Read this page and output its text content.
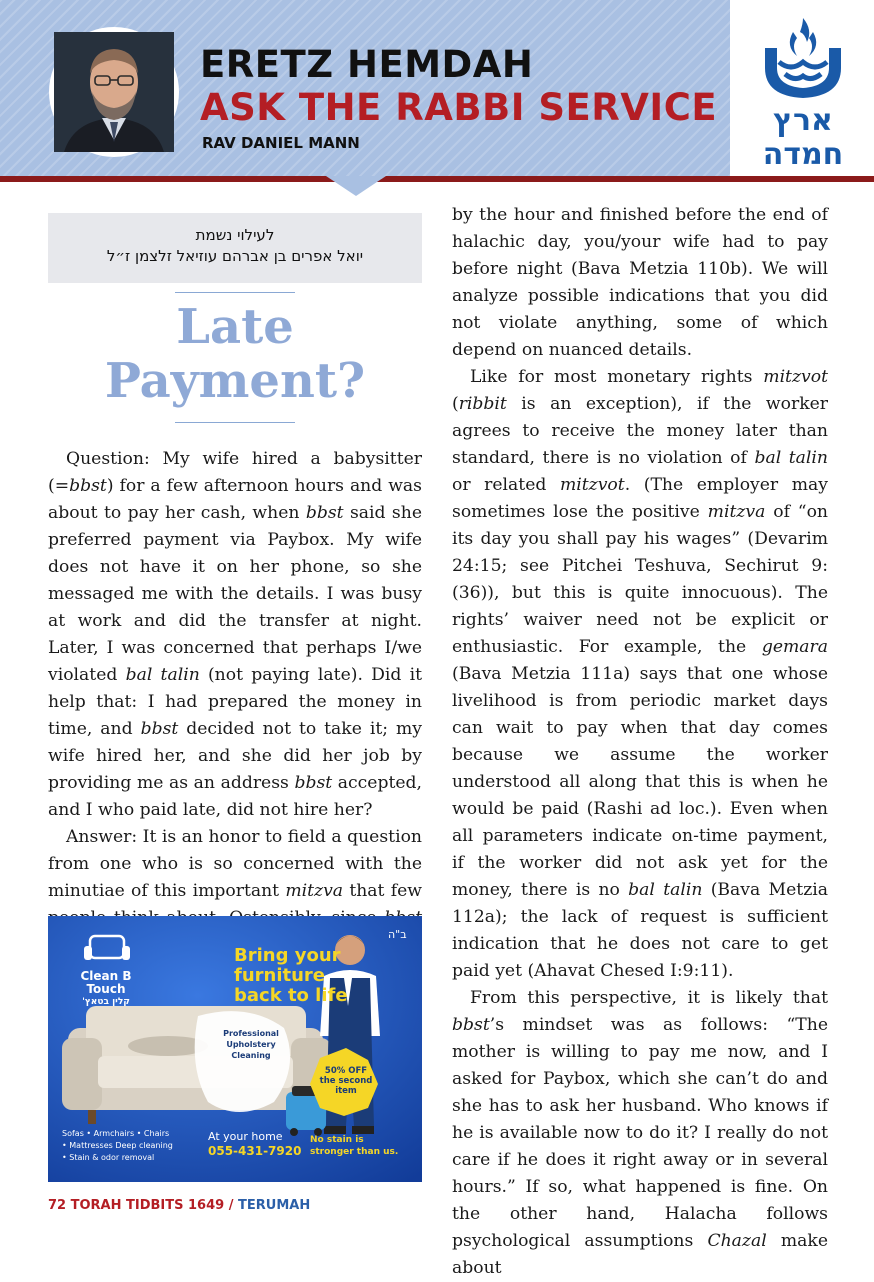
ERETZ HEMDAH
ASK THE RABBI SERVICE
RAV DANIEL MANN
ארץ
חמדה
לעילוי נשמת
יואל אפרים בן אברהם עוזיאל זלצמן ז״ל
Late
Payment?

Question: My wife hired a babysitter (=bbst) for a few afternoon hours and was about to pay her cash, when bbst said she preferred payment via Paybox. My wife does not have it on her phone, so she messaged me with the details. I was busy at work and did the transfer at night. Later, I was concerned that perhaps I/we violated bal talin (not paying late). Did it help that: I had prepared the money in time, and bbst decided not to take it; my wife hired her, and she did her job by providing me as an address bbst accepted, and I who paid late, did not hire her?

Answer: It is an honor to field a question from one who is so concerned with the minutiae of this important mitzva that few

by the hour and finished before the end of halachic day, you/your wife had to pay before night (Bava Metzia 110b). We will analyze possible indications that you did not violate anything, some of which depend on nuanced details.

Like for most monetary rights mitzvot (ribbit is an exception), if the worker agrees to receive the money later than standard, there is no violation of bal talin or related mitzvot. (The employer may sometimes lose the positive mitzva of “on its day you shall pay his wages” (Devarim 24:15; see Pitchei Teshuva, Sechirut 9:(36)), but this is quite innocuous). The rights’ waiver need not be explicit or enthusiastic. For example, the gemara (Bava Metzia 111a) says that one whose livelihood is from periodic market days can wait to pay when that day comes because we assume the worker understood all along that this is when he would be paid (Rashi ad loc.). Even when all parameters indicate on-time payment, if the worker did not ask yet for the money, there is no bal talin (Bava Metzia 112a); the lack of request is sufficient indication that he does not care to get paid yet (Ahavat Chesed I:9:11).

From this perspective, it is likely that bbst’s mindset was as follows: “The mother is willing to pay me now, and I asked for Paybox, which she can’t do and she has to ask her husband. Who knows if he is available now to do it? I really do not care if he does it right away or in several hours.” If so, what happened is fine. On the other hand, Halacha follows psychological assumptions Chazal make about

ב"ה
Clean B
Touch
קלין בטאץ'
Bring your
furniture
back to life
Professional
Upholstery
Cleaning
50% OFF
the second
item
Sofas • Armchairs • Chairs
• Mattresses Deep cleaning
• Stain & odor removal
At your home
055-431-7920
No stain is
stronger than us.
72 TORAH TIDBITS 1649 / TERUMAH
